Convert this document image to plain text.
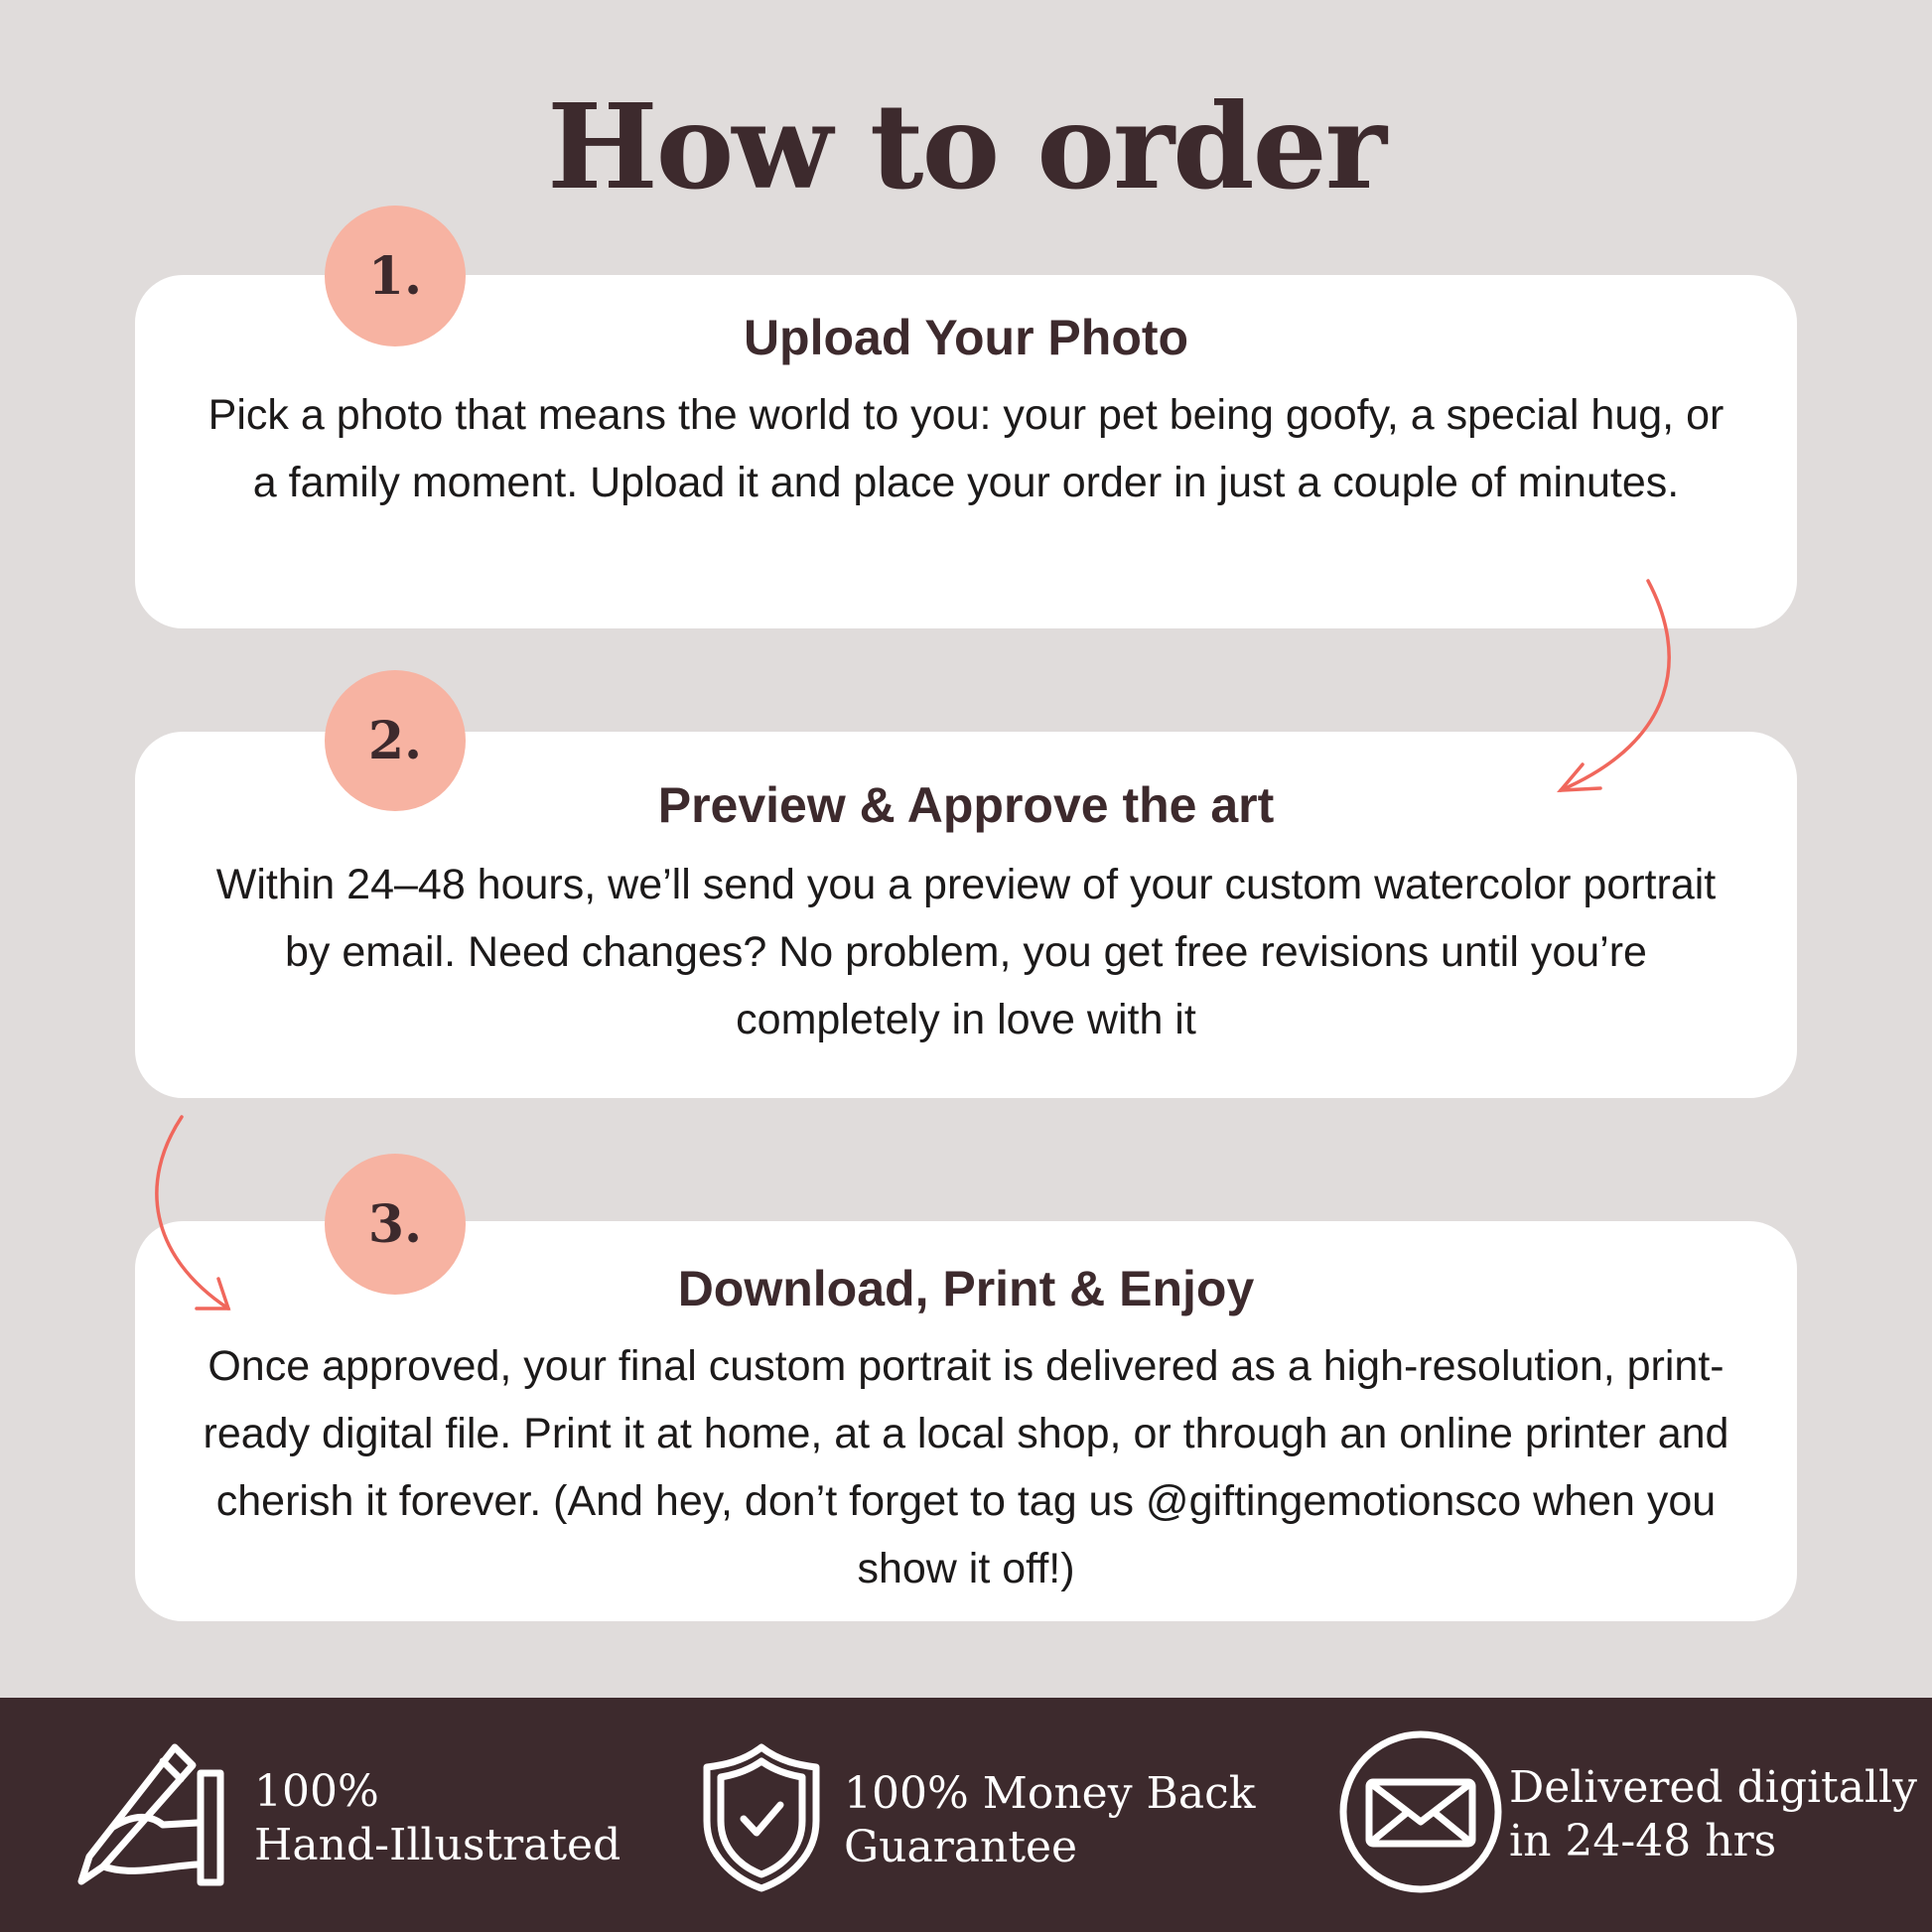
How to order
Upload Your Photo
Pick a photo that means the world to you: your pet being goofy, a special hug, or a family moment. Upload it and place your order in just a couple of minutes.
1.
Preview & Approve the art
Within 24–48 hours, we’ll send you a preview of your custom watercolor portrait by email. Need changes? No problem, you get free revisions until you’re completely in love with it
2.
Download, Print & Enjoy
Once approved, your final custom portrait is delivered as a high-resolution, print-ready digital file. Print it at home, at a local shop, or through an online printer and cherish it forever. (And hey, don’t forget to tag us @giftingemotionsco when you show it off!)
3.
100%
Hand-Illustrated
100% Money Back
Guarantee
Delivered digitally
in 24-48 hrs
